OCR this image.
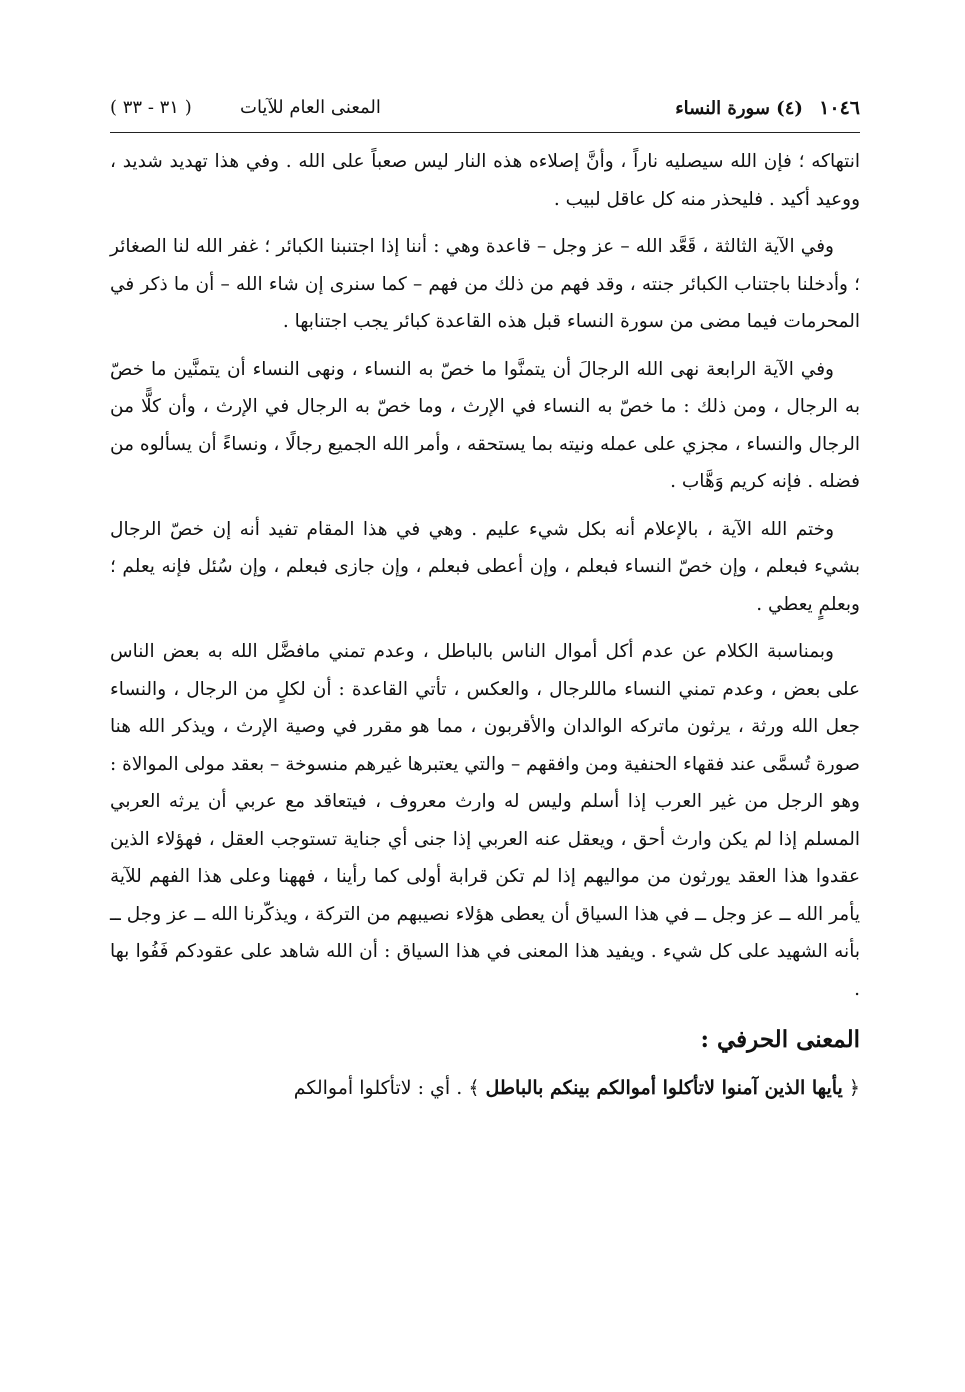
١٠٤٦ (٤) سورة النساء
المعنى العام للآيات
( ٣١ - ٣٣ )

انتهاكه ؛ فإن الله سيصليه ناراً ، وأنَّ إصلاءه هذه النار ليس صعباً على الله . وفي هذا تهديد شديد ، ووعيد أكيد . فليحذر منه كل عاقل لبيب .

وفي الآية الثالثة ، قَعَّد الله – عز وجل – قاعدة وهي : أننا إذا اجتنبنا الكبائر ؛ غفر الله لنا الصغائر ؛ وأدخلنا باجتناب الكبائر جنته ، وقد فهم من ذلك من فهم – كما سنرى إن شاء الله – أن ما ذكر في المحرمات فيما مضى من سورة النساء قبل هذه القاعدة كبائر يجب اجتنابها .

وفي الآية الرابعة نهى الله الرجالَ أن يتمنَّوا ما خصّ به النساء ، ونهى النساء أن يتمنَّين ما خصّ به الرجال ، ومن ذلك : ما خصّ به النساء في الإرث ، وما خصّ به الرجال في الإرث ، وأن كلًّا من الرجال والنساء ، مجزي على عمله ونيته بما يستحقه ، وأمر الله الجميع رجالًا ، ونساءً أن يسألوه من فضله . فإنه كريم وَهَّاب .

وختم الله الآية ، بالإعلام أنه بكل شيء عليم . وهي في هذا المقام تفيد أنه إن خصّ الرجال بشيء فبعلم ، وإن خصّ النساء فبعلم ، وإن أعطى فبعلم ، وإن جازى فبعلم ، وإن سُئل فإنه يعلم ؛ وبعلمٍ يعطي .

وبمناسبة الكلام عن عدم أكل أموال الناس بالباطل ، وعدم تمني مافضَّل الله به بعض الناس على بعض ، وعدم تمني النساء ماللرجال ، والعكس ، تأتي القاعدة : أن لكلٍ من الرجال ، والنساء جعل الله ورثة ، يرثون ماتركه الوالدان والأقربون ، مما هو مقرر في وصية الإرث ، ويذكر الله هنا صورة تُسمَّى عند فقهاء الحنفية ومن وافقهم – والتي يعتبرها غيرهم منسوخة – بعقد مولى الموالاة : وهو الرجل من غير العرب إذا أسلم وليس له وارث معروف ، فيتعاقد مع عربي أن يرثه العربي المسلم إذا لم يكن وارث أحق ، ويعقل عنه العربي إذا جنى أي جناية تستوجب العقل ، فهؤلاء الذين عقدوا هذا العقد يورثون من مواليهم إذا لم تكن قرابة أولى كما رأينا ، فههنا وعلى هذا الفهم للآية يأمر الله ــ عز وجل ــ في هذا السياق أن يعطى هؤلاء نصيبهم من التركة ، ويذكّرنا الله ــ عز وجل ــ بأنه الشهيد على كل شيء . ويفيد هذا المعنى في هذا السياق : أن الله شاهد على عقودكم فَفُوا بها .

المعنى الحرفي :

﴿ يأيها الذين آمنوا لاتأكلوا أموالكم بينكم بالباطل ﴾ . أي : لاتأكلوا أموالكم
